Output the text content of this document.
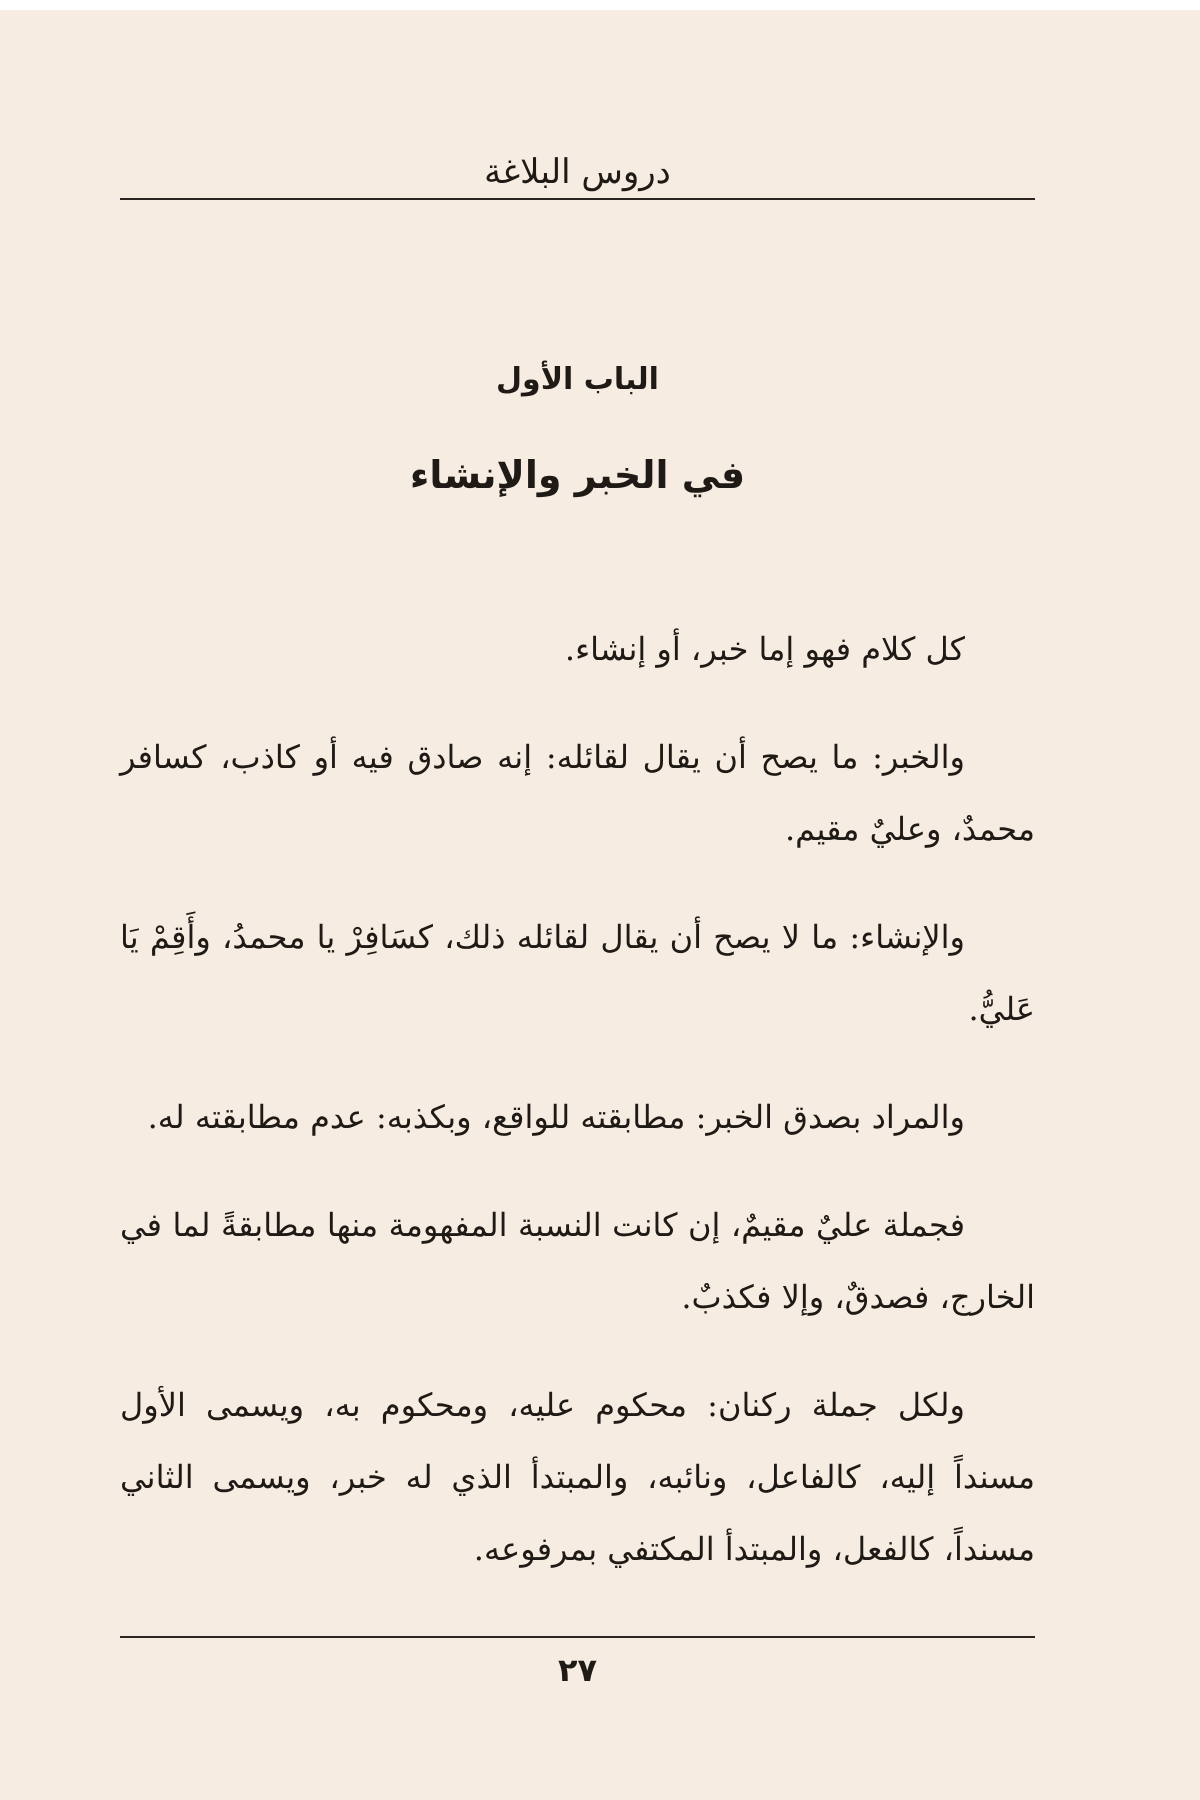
دروس البلاغة
الباب الأول
في الخبر والإنشاء

كل كلام فهو إما خبر، أو إنشاء.

والخبر: ما يصح أن يقال لقائله: إنه صادق فيه أو كاذب، كسافر محمدٌ، وعليٌ مقيم.

والإنشاء: ما لا يصح أن يقال لقائله ذلك، كسَافِرْ يا محمدُ، وأَقِمْ يَا عَليُّ.

والمراد بصدق الخبر: مطابقته للواقع، وبكذبه: عدم مطابقته له.

فجملة عليٌ مقيمٌ، إن كانت النسبة المفهومة منها مطابقةً لما في الخارج، فصدقٌ، وإلا فكذبٌ.

ولكل جملة ركنان: محكوم عليه، ومحكوم به، ويسمى الأول مسنداً إليه، كالفاعل، ونائبه، والمبتدأ الذي له خبر، ويسمى الثاني مسنداً، كالفعل، والمبتدأ المكتفي بمرفوعه.

٢٧
